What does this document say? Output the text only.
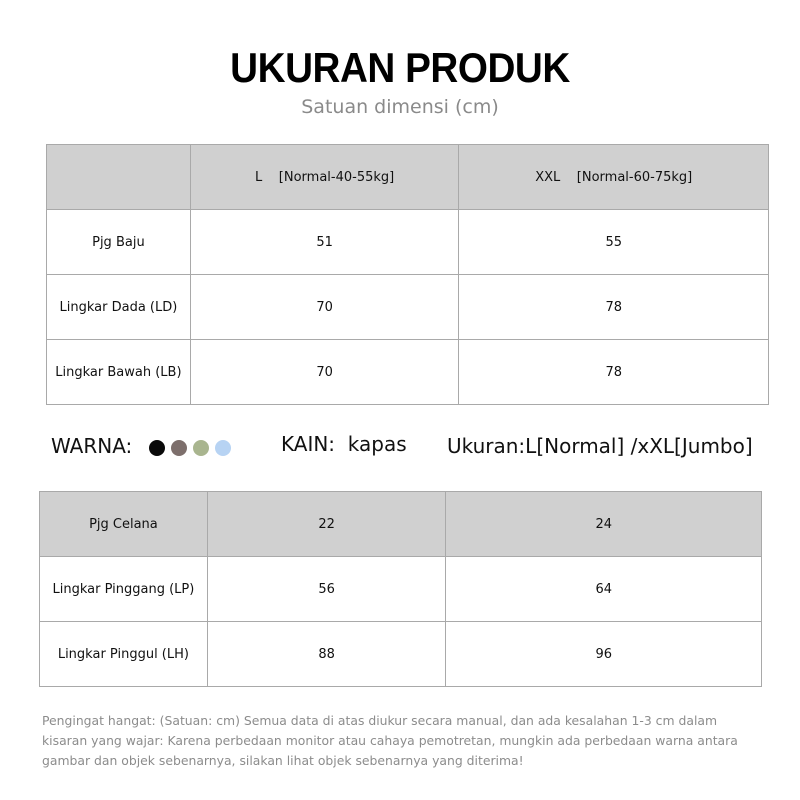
UKURAN PRODUK
Satuan dimensi (cm)
	L [Normal-40-55kg]	XXL [Normal-60-75kg]
Pjg Baju	51	55
Lingkar Dada (LD)	70	78
Lingkar Bawah (LB)	70	78
WARNA:	KAIN: kapas Ukuran:L[Normal] /xXL[Jumbo]
Pjg Celana	22	24
Lingkar Pinggang (LP)	56	64
Lingkar Pinggul (LH)	88	96
Pengingat hangat: (Satuan: cm) Semua data di atas diukur secara manual, dan ada kesalahan 1-3 cm dalam kisaran yang wajar: Karena perbedaan monitor atau cahaya pemotretan, mungkin ada perbedaan warna antara gambar dan objek sebenarnya, silakan lihat objek sebenarnya yang diterima!
